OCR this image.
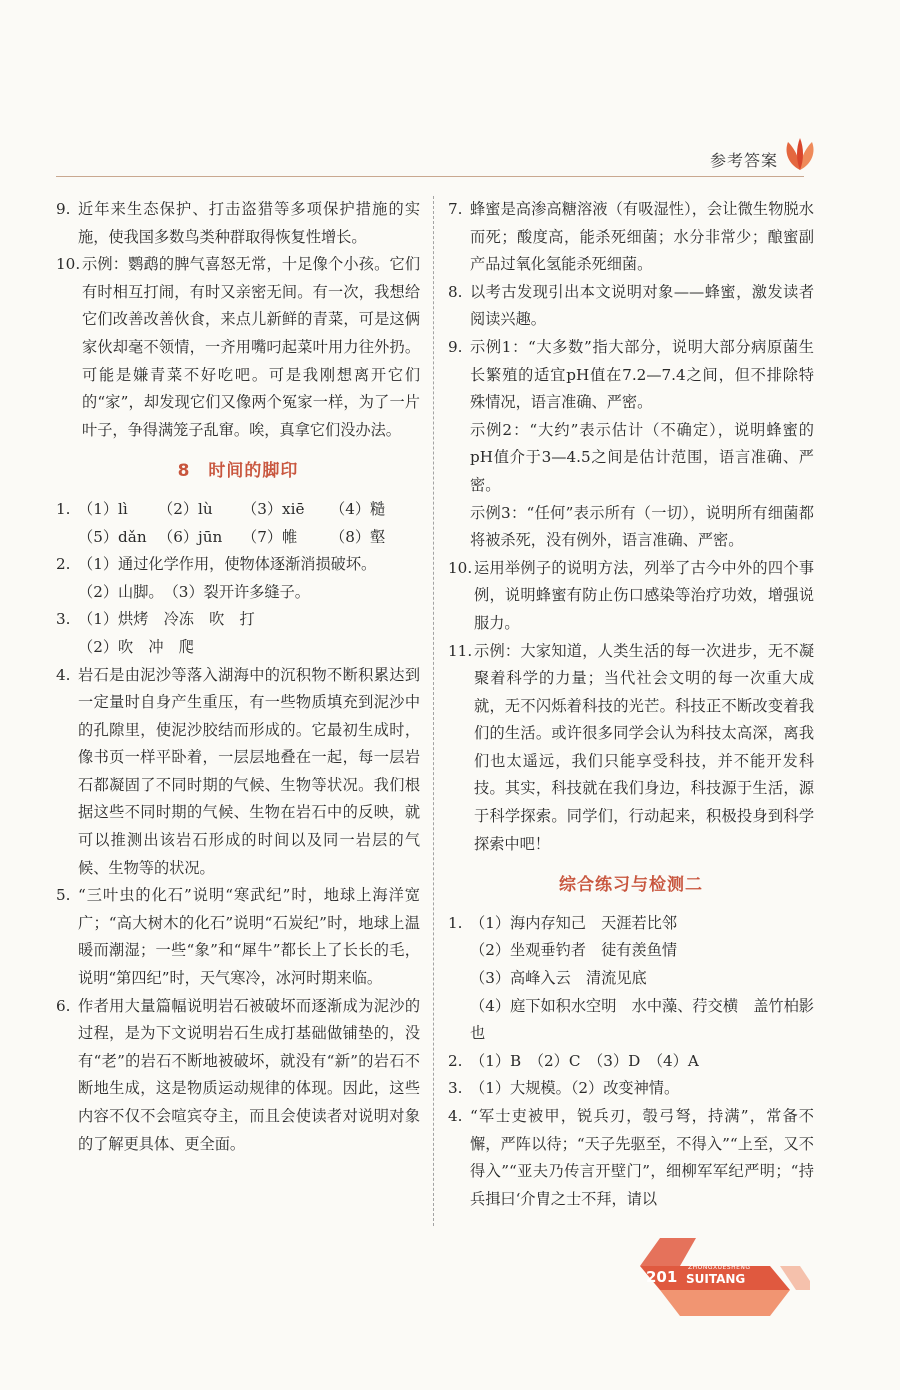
参考答案
9. 近年来生态保护、打击盗猎等多项保护措施的实施，使我国多数鸟类种群取得恢复性增长。
10. 示例：鹦鹉的脾气喜怒无常，十足像个小孩。它们有时相互打闹，有时又亲密无间。有一次，我想给它们改善改善伙食，来点儿新鲜的青菜，可是这俩家伙却毫不领情，一齐用嘴叼起菜叶用力往外扔。可能是嫌青菜不好吃吧。可是我刚想离开它们的“家”，却发现它们又像两个冤家一样，为了一片叶子，争得满笼子乱窜。唉，真拿它们没办法。
8　时间的脚印
1. （1）lì	（2）lù	（3）xiē	（4）糙
（5）dǎn （6）jūn	（7）帷	（8）壑
2. （1）通过化学作用，使物体逐渐消损破坏。
（2）山脚。　（3）裂开许多缝子。
3. （1）烘烤　冷冻　吹　打
（2）吹　冲　爬
4. 岩石是由泥沙等落入湖海中的沉积物不断积累达到一定量时自身产生重压，有一些物质填充到泥沙中的孔隙里，使泥沙胶结而形成的。它最初生成时，像书页一样平卧着，一层层地叠在一起，每一层岩石都凝固了不同时期的气候、生物等状况。我们根据这些不同时期的气候、生物在岩石中的反映，就可以推测出该岩石形成的时间以及同一岩层的气候、生物等的状况。
5. “三叶虫的化石”说明“寒武纪”时，地球上海洋宽广；“高大树木的化石”说明“石炭纪”时，地球上温暖而潮湿；一些“象”和“犀牛”都长上了长长的毛，说明“第四纪”时，天气寒冷，冰河时期来临。
6. 作者用大量篇幅说明岩石被破坏而逐渐成为泥沙的过程，是为下文说明岩石生成打基础做铺垫的，没有“老”的岩石不断地被破坏，就没有“新”的岩石不断地生成，这是物质运动规律的体现。因此，这些内容不仅不会喧宾夺主，而且会使读者对说明对象的了解更具体、更全面。
7. 蜂蜜是高渗高糖溶液（有吸湿性），会让微生物脱水而死；酸度高，能杀死细菌；水分非常少；酿蜜副产品过氧化氢能杀死细菌。
8. 以考古发现引出本文说明对象——蜂蜜，激发读者阅读兴趣。
9. 示例1：“大多数”指大部分，说明大部分病原菌生长繁殖的适宜pH值在7.2—7.4之间，但不排除特殊情况，语言准确、严密。
示例2：“大约”表示估计（不确定），说明蜂蜜的pH值介于3—4.5之间是估计范围，语言准确、严密。
示例3：“任何”表示所有（一切），说明所有细菌都将被杀死，没有例外，语言准确、严密。
10. 运用举例子的说明方法，列举了古今中外的四个事例，说明蜂蜜有防止伤口感染等治疗功效，增强说服力。
11. 示例：大家知道，人类生活的每一次进步，无不凝聚着科学的力量；当代社会文明的每一次重大成就，无不闪烁着科技的光芒。科技正不断改变着我们的生活。或许很多同学会认为科技太高深，离我们也太遥远，我们只能享受科技，并不能开发科技。其实，科技就在我们身边，科技源于生活，源于科学探索。同学们，行动起来，积极投身到科学探索中吧！
综合练习与检测二
1. （1）海内存知己　天涯若比邻
（2）坐观垂钓者　徒有羡鱼情
（3）高峰入云　清流见底
（4）庭下如积水空明　水中藻、荇交横　盖竹柏影也
2. （1）B　（2）C　（3）D　（4）A
3. （1）大规模。（2）改变神情。
4. “军士吏被甲，锐兵刃，彀弓弩，持满”，常备不懈，严阵以待；“天子先驱至，不得入”“上至，又不得入”“亚夫乃传言开壁门”，细柳军军纪严明；“持兵揖曰‘介胄之士不拜，请以
201
ZHONGXUESHENG
SUITANG
